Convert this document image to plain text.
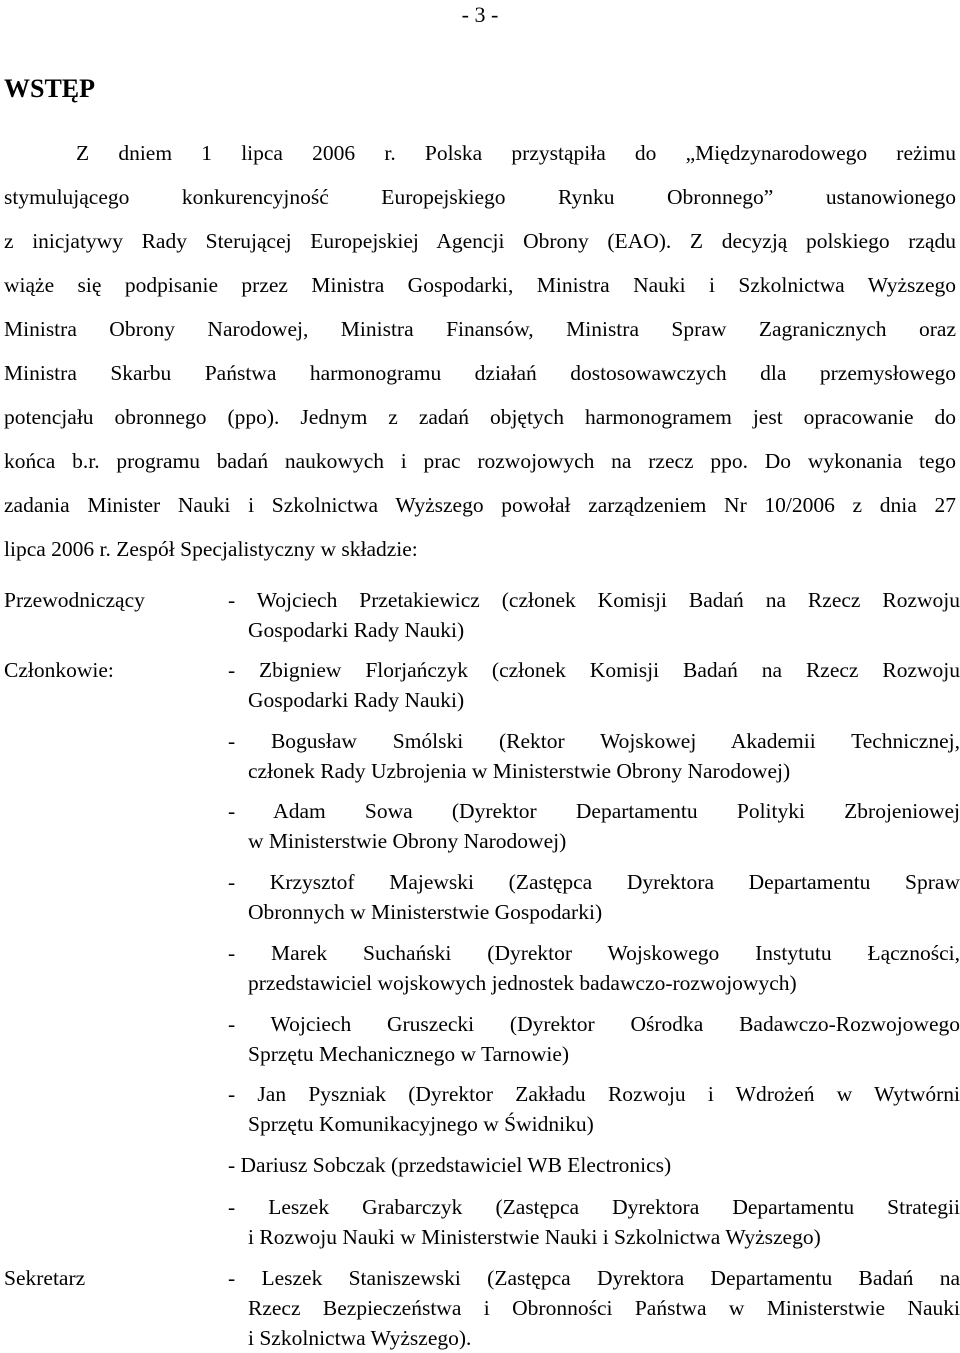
- 3 -
WSTĘP
Z dniem 1 lipca 2006 r. Polska przystąpiła do „Międzynarodowego reżimu
stymulującego konkurencyjność Europejskiego Rynku Obronnego” ustanowionego
z inicjatywy Rady Sterującej Europejskiej Agencji Obrony (EAO). Z decyzją polskiego rządu
wiąże się podpisanie przez Ministra Gospodarki, Ministra Nauki i Szkolnictwa Wyższego
Ministra Obrony Narodowej, Ministra Finansów, Ministra Spraw Zagranicznych oraz
Ministra Skarbu Państwa harmonogramu działań dostosowawczych dla przemysłowego
potencjału obronnego (ppo). Jednym z zadań objętych harmonogramem jest opracowanie do
końca b.r. programu badań naukowych i prac rozwojowych na rzecz ppo. Do wykonania tego
zadania Minister Nauki i Szkolnictwa Wyższego powołał zarządzeniem Nr 10/2006 z dnia 27
lipca 2006 r. Zespół Specjalistyczny w składzie:
Przewodniczący
Członkowie:
Sekretarz
- Wojciech Przetakiewicz (członek Komisji Badań na Rzecz Rozwoju
Gospodarki Rady Nauki)
- Zbigniew Florjańczyk (członek Komisji Badań na Rzecz Rozwoju
Gospodarki Rady Nauki)
- Bogusław Smólski (Rektor Wojskowej Akademii Technicznej,
członek Rady Uzbrojenia w Ministerstwie Obrony Narodowej)
- Adam Sowa (Dyrektor Departamentu Polityki Zbrojeniowej
w Ministerstwie Obrony Narodowej)
- Krzysztof Majewski (Zastępca Dyrektora Departamentu Spraw
Obronnych w Ministerstwie Gospodarki)
- Marek Suchański (Dyrektor Wojskowego Instytutu Łączności,
przedstawiciel wojskowych jednostek badawczo-rozwojowych)
- Wojciech Gruszecki (Dyrektor Ośrodka Badawczo-Rozwojowego
Sprzętu Mechanicznego w Tarnowie)
- Jan Pyszniak (Dyrektor Zakładu Rozwoju i Wdrożeń w Wytwórni
Sprzętu Komunikacyjnego w Świdniku)
- Dariusz Sobczak (przedstawiciel WB Electronics)
- Leszek Grabarczyk (Zastępca Dyrektora Departamentu Strategii
i Rozwoju Nauki w Ministerstwie Nauki i Szkolnictwa Wyższego)
- Leszek Staniszewski (Zastępca Dyrektora Departamentu Badań na
Rzecz Bezpieczeństwa i Obronności Państwa w Ministerstwie Nauki
i Szkolnictwa Wyższego).
